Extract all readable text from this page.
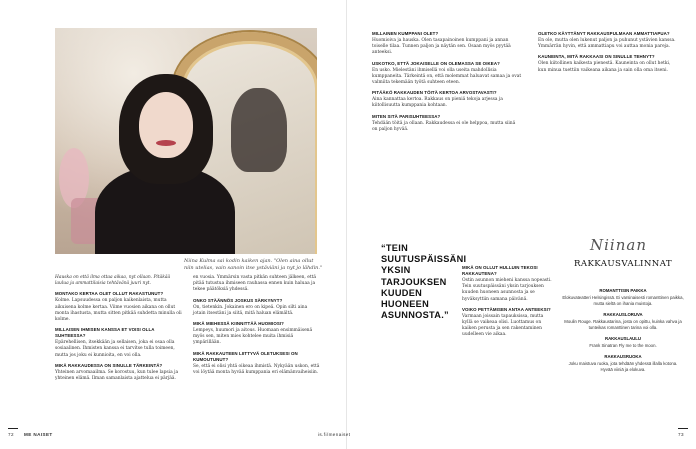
Niina Kulma sai kodin kaiken ajan. "Olen aina ollut niin utelias, vain sanoin itse ystäviäni ja nyt jo lähdin."

Hauska on että ilma ottaa aikaa, nyt ollaan. Pitäkää laulua ja ammattilaisia tehtävänä juuri nyt.

MONTAKO KERTAA OLET OLLUT RAKASTUNUT?

Kolme. Lapsuudessa on paljon kaikenlaista, mutta aikuisena kolme kertaa. Viime vuosien aikana on ollut monta ihastusta, mutta sitten pitkää suhdetta minulla oli kolme.

MILLAISEN IHMISEN KANSSA ET VOISI OLLA SUHTEESSA?

Epärehellisen, itsekkään ja sellaisen, joka ei osaa olla sosiaalinen. Ihmisten kanssa ei tarvitse tulla toimeen, mutta jos joku ei kunnioita, en voi olla.

MIKÄ RAKKAUDESSA ON SINULLE TÄRKEINTÄ?

Yhteinen arvomaailma. Se korostuu, kun tulee lapsia ja yhteinen elämä. Ilman samanlaista ajattelua ei pärjää.

en vuosia. Ymmärsin vasta pitkän suhteen jälkeen, että pitää tutustua ihmiseen rauhassa ennen kuin haluaa ja tekee päätöksiä yhdessä.

ONKO STÄÄNNÖS JOSKUS SÄRKYNYT?

On, tietenkin. Jokainen ero on kipeä. Opin silti aina jotain itsestäni ja siitä, mitä haluan elämältä.

MIKÄ MIEHESSÄ KIINNITTÄÄ HUOMIOSI?

Lempeys, huumori ja aitous. Huomaan ensimmäisenä myös sen, miten mies kohtelee muita ihmisiä ympärillään.

MIKÄ RAKKAUTEEN LIITTYVÄ OLETUKSESI ON KUMOUTUNUT?

Se, että ei olisi yhtä oikeaa ihmistä. Nykyään uskon, että voi löytää monta hyvää kumppania eri elämänvaiheisiin.

MILLAINEN KUMPPANI OLET?

Huomioiva ja hauska. Olen tasapainoinen kumppani ja annan toiselle tilaa. Tunnen paljon ja näytän sen. Osaan myös pyytää anteeksi.

USKOTKO, ETTÄ JOKAISELLE ON OLEMASSA SE OIKEA?

En usko. Mielestäni ihmisellä voi olla useita mahdollisia kumppaneita. Tärkeintä on, että molemmat haluavat samaa ja ovat valmiita tekemään työtä suhteen eteen.

PITÄÄKÖ RAKKAUDEN TÖITÄ KERTOA ARVOSTAVASTI?

Aina kannattaa kertoa. Rakkaus on pieniä tekoja arjessa ja kiitollisuutta kumppania kohtaan.

MITEN SITÄ PARISUHTEESSA?

Tehdään töitä ja ollaan. Rakkaudessa ei ole helppoa, mutta siinä on paljon hyvää.

“TEIN SUUTUSPÄISSÄNI YKSIN TARJOUKSEN KUUDEN HUONEEN ASUNNOSTA.”
MIKÄ ON OLLUT HULLUIN TEKOSI RAKKAUTENA?

Ostin asunnon mieheni kanssa nopeasti. Tein suutuspäissäni yksin tarjouksen kuuden huoneen asunnosta ja se hyväksyttiin samana päivänä.

VOIKO PETTÄMISEN ANTAA ANTEEKSI?

Varmaan joissain tapauksissa, mutta kyllä se vaikeaa olisi. Luottamus on kaiken perusta ja sen rakentaminen uudelleen vie aikaa.

OLETKO KÄYTTÄNYT RAKKAUSPULMAAN AMMATTIAPUA?

En ole, mutta olen lukenut paljon ja puhunut ystävien kanssa. Ymmärrän hyvin, että ammattiapu voi auttaa monia pareja.

KAUNEINTA, MITÄ RAKKAASI ON SINULLE TEHNYT?

Olen kiitollinen kaikesta pienestä. Kauneinta on ollut hetki, kun minua tuettiin vaikeana aikana ja sain olla oma itseni.

Niinan
RAKKAUSVALINNAT
ROMANTTISIN PAIKKA

Elokuvateatteri Helsingissä. Ei varsinaisesti romanttinen paikka, mutta sieltä on ihania muistoja.

RAKKAUSLORUVA

Moulin Rouge. Rakkaustarina, josta on opittu, kuinka vahva ja tunteikas romanttinen tarina voi olla.

RAKKAUSLAULU

Frank Sinatran Fly me to the moon.

RAKKAUSRUOKA

Joku maistuva ruoka, jota tehdään yhdessä illalla kotona. Hyvää viiniä ja elokuva.

72 ME NAISET	is.fi/menaiset	73
